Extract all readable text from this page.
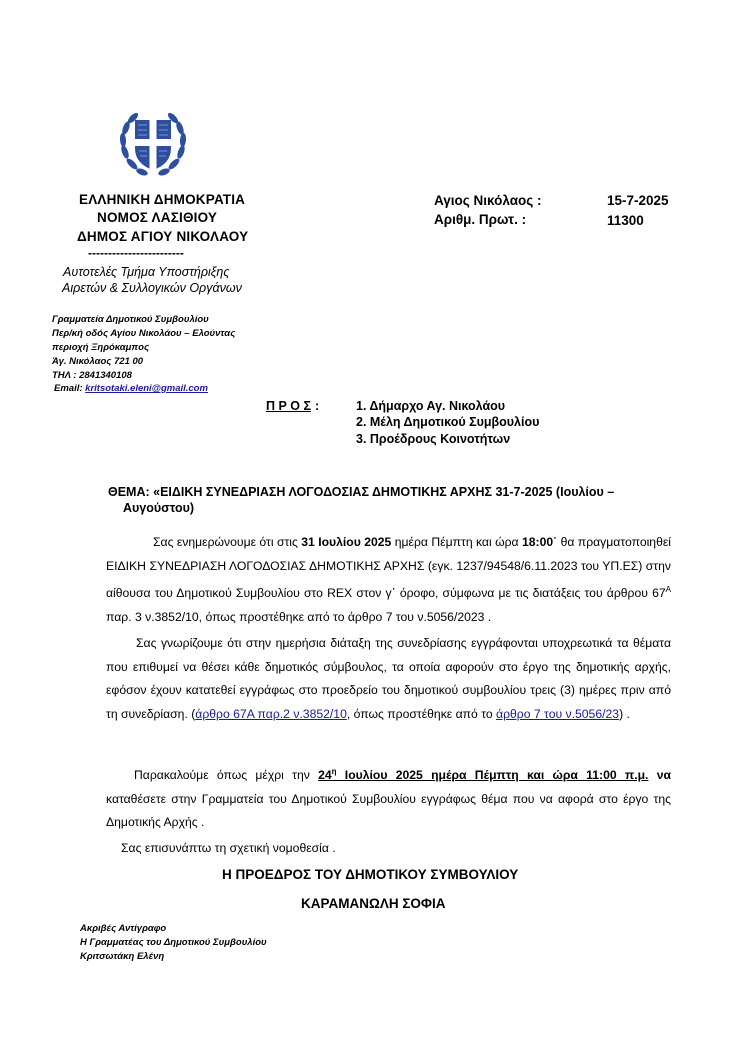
ΕΛΛΗΝΙΚΗ ΔΗΜΟΚΡΑΤΙΑ
ΝΟΜΟΣ ΛΑΣΙΘΙΟΥ
ΔΗΜΟΣ ΑΓΙΟΥ ΝΙΚΟΛΑΟΥ
------------------------
Αυτοτελές Τμήμα Υποστήριξης
Αιρετών & Συλλογικών Οργάνων
Γραμματεία Δημοτικού Συμβουλίου
Περ/κή οδός Αγίου Νικολάου – Ελούντας
περιοχή Ξηρόκαμπος
Άγ. Νικόλαος 721 00
ΤΗΛ : 2841340108
Email: kritsotaki.eleni@gmail.com
Αγιος Νικόλαος :	15-7-2025
Αριθμ. Πρωτ. :	11300
Π Ρ Ο Σ :	1. Δήμαρχο Αγ. Νικολάου
2. Μέλη Δημοτικού Συμβουλίου
3. Προέδρους Κοινοτήτων
ΘΕΜΑ: «ΕΙΔΙΚΗ ΣΥΝΕΔΡΙΑΣΗ ΛΟΓΟΔΟΣΙΑΣ ΔΗΜΟΤΙΚΗΣ ΑΡΧΗΣ 31-7-2025 (Ιουλίου –
Αυγούστου)
Σας ενημερώνουμε ότι στις 31 Ιουλίου 2025 ημέρα Πέμπτη και ώρα 18:00΄ θα πραγματοποιηθεί ΕΙΔΙΚΗ ΣΥΝΕΔΡΙΑΣΗ ΛΟΓΟΔΟΣΙΑΣ ΔΗΜΟΤΙΚΗΣ ΑΡΧΗΣ (εγκ. 1237/94548/6.11.2023 του ΥΠ.ΕΣ) στην αίθουσα του Δημοτικού Συμβουλίου στο REX στον γ΄ όροφο, σύμφωνα με τις διατάξεις του άρθρου $67^A$ παρ. 3 ν.3852/10, όπως προστέθηκε από το άρθρο 7 του ν.5056/2023 .
Σας γνωρίζουμε ότι στην ημερήσια διάταξη της συνεδρίασης εγγράφονται υποχρεωτικά τα θέματα που επιθυμεί να θέσει κάθε δημοτικός σύμβουλος, τα οποία αφορούν στο έργο της δημοτικής αρχής, εφόσον έχουν κατατεθεί εγγράφως στο προεδρείο του δημοτικού συμβουλίου τρεις (3) ημέρες πριν από τη συνεδρίαση. (άρθρο 67Α παρ.2 ν.3852/10, όπως προστέθηκε από το άρθρο 7 του ν.5056/23) .
Παρακαλούμε όπως μέχρι την $24^\eta$ Ιουλίου 2025 ημέρα Πέμπτη και ώρα 11:00 π.μ. να καταθέσετε στην Γραμματεία του Δημοτικού Συμβουλίου εγγράφως θέμα που να αφορά στο έργο της Δημοτικής Αρχής .
Σας επισυνάπτω τη σχετική νομοθεσία .
Η ΠΡΟΕΔΡΟΣ ΤΟΥ ΔΗΜΟΤΙΚΟΥ ΣΥΜΒΟΥΛΙΟΥ
ΚΑΡΑΜΑΝΩΛΗ ΣΟΦΙΑ
Ακριβές Αντίγραφο
Η Γραμματέας του Δημοτικού Συμβουλίου
Κριτσωτάκη Ελένη
